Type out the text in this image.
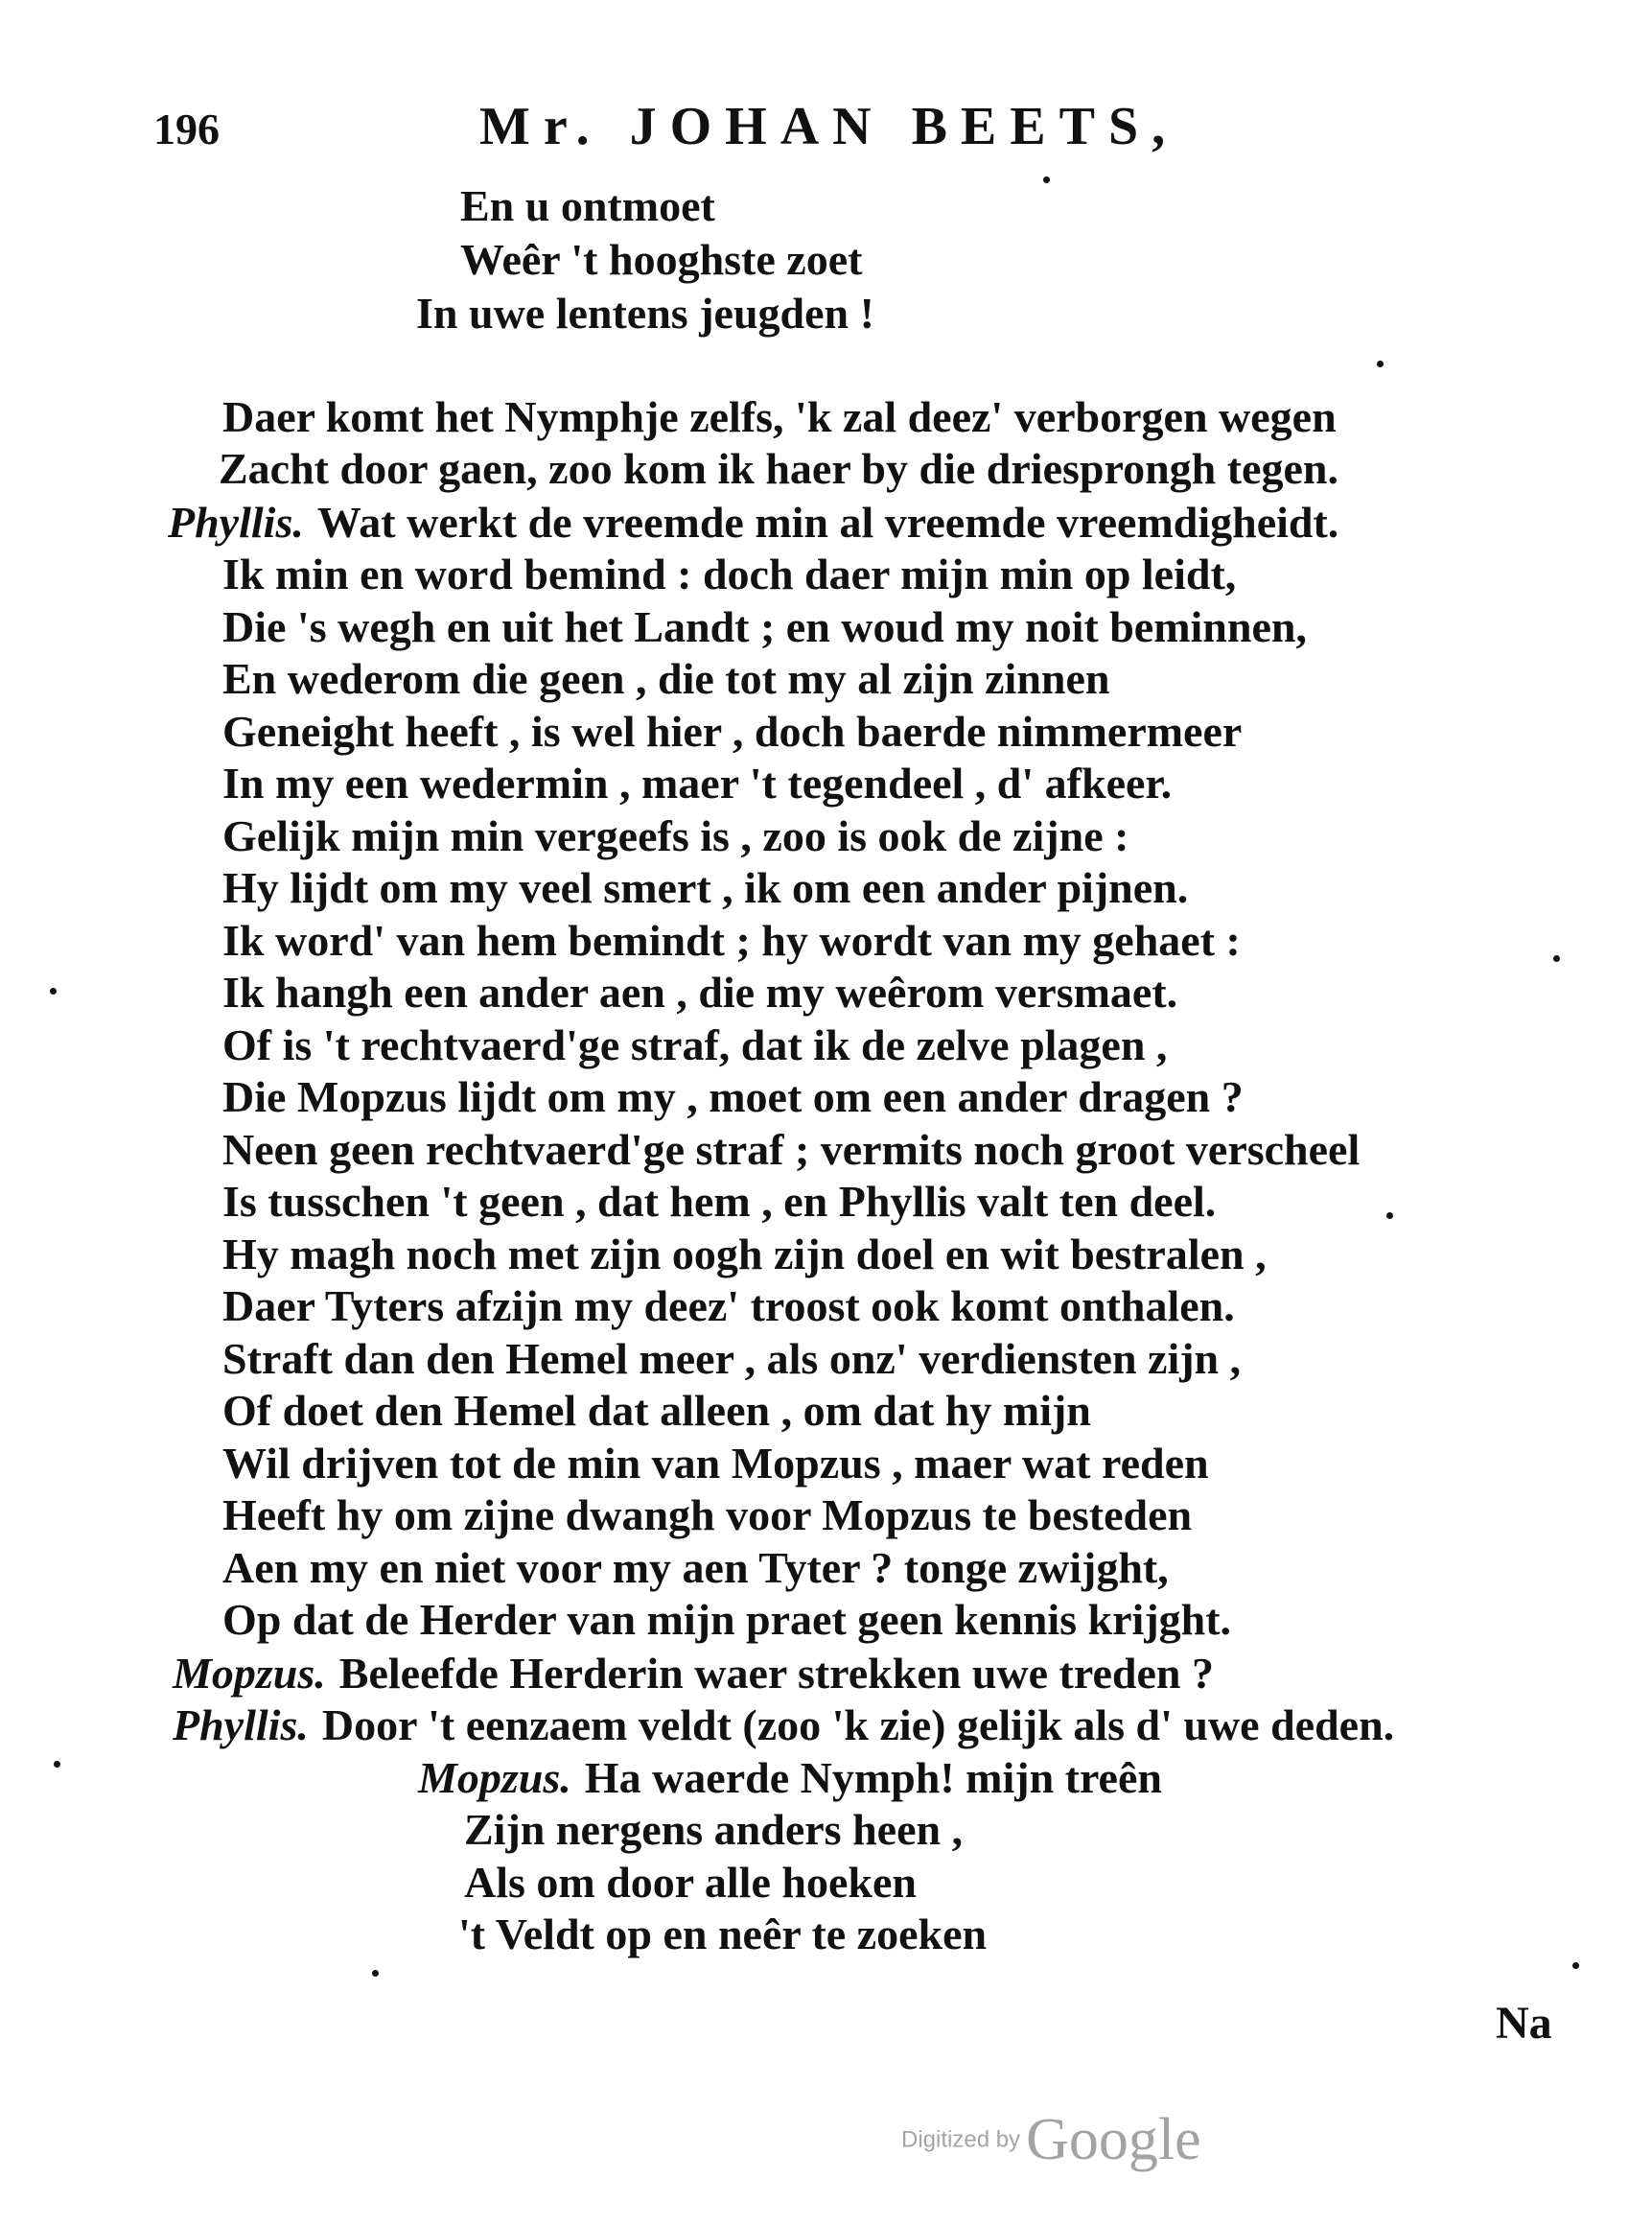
196	Mr. JOHAN BEETS,
En u ontmoet
Weêr 't hooghste zoet
In uwe lentens jeugden !
Daer komt het Nymphje zelfs, 'k zal deez' verborgen wegen
Zacht door gaen, zoo kom ik haer by die driesprongh tegen.
Phyllis. Wat werkt de vreemde min al vreemde vreemdigheidt.
Ik min en word bemind : doch daer mijn min op leidt,
Die 's wegh en uit het Landt ; en woud my noit beminnen,
En wederom die geen , die tot my al zijn zinnen
Geneight heeft , is wel hier , doch baerde nimmermeer
In my een wedermin , maer 't tegendeel , d' afkeer.
Gelijk mijn min vergeefs is , zoo is ook de zijne :
Hy lijdt om my veel smert , ik om een ander pijnen.
Ik word' van hem bemindt ; hy wordt van my gehaet :
Ik hangh een ander aen , die my weêrom versmaet.
Of is 't rechtvaerd'ge straf, dat ik de zelve plagen ,
Die Mopzus lijdt om my , moet om een ander dragen ?
Neen geen rechtvaerd'ge straf ; vermits noch groot verscheel
Is tusschen 't geen , dat hem , en Phyllis valt ten deel.
Hy magh noch met zijn oogh zijn doel en wit bestralen ,
Daer Tyters afzijn my deez' troost ook komt onthalen.
Straft dan den Hemel meer , als onz' verdiensten zijn ,
Of doet den Hemel dat alleen , om dat hy mijn
Wil drijven tot de min van Mopzus , maer wat reden
Heeft hy om zijne dwangh voor Mopzus te besteden
Aen my en niet voor my aen Tyter ? tonge zwijght,
Op dat de Herder van mijn praet geen kennis krijght.
Mopzus. Beleefde Herderin waer strekken uwe treden ?
Phyllis. Door 't eenzaem veldt (zoo 'k zie) gelijk als d' uwe deden.
Mopzus. Ha waerde Nymph! mijn treên
Zijn nergens anders heen ,
Als om door alle hoeken
't Veldt op en neêr te zoeken
Na
Digitized byGoogle
